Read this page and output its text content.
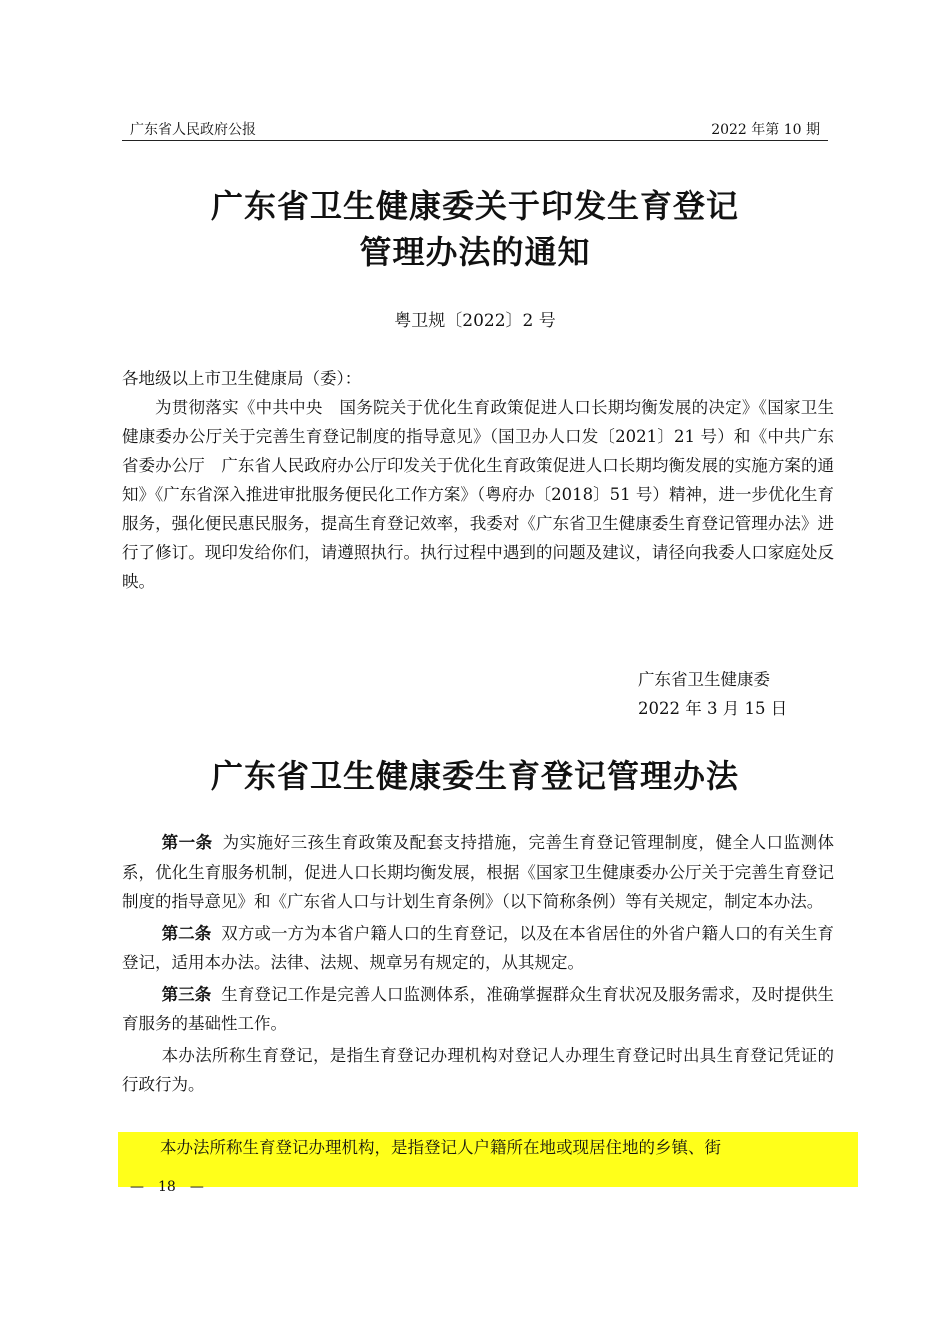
广东省人民政府公报	2022 年第 10 期
广东省卫生健康委关于印发生育登记
管理办法的通知
粤卫规〔2022〕2 号

各地级以上市卫生健康局（委）：

为贯彻落实《中共中央　国务院关于优化生育政策促进人口长期均衡发展的决定》《国家卫生健康委办公厅关于完善生育登记制度的指导意见》（国卫办人口发〔2021〕21 号）和《中共广东省委办公厅　广东省人民政府办公厅印发关于优化生育政策促进人口长期均衡发展的实施方案的通知》《广东省深入推进审批服务便民化工作方案》（粤府办〔2018〕51 号）精神，进一步优化生育服务，强化便民惠民服务，提高生育登记效率，我委对《广东省卫生健康委生育登记管理办法》进行了修订。现印发给你们，请遵照执行。执行过程中遇到的问题及建议，请径向我委人口家庭处反映。

广东省卫生健康委
2022 年 3 月 15 日
广东省卫生健康委生育登记管理办法

第一条 为实施好三孩生育政策及配套支持措施，完善生育登记管理制度，健全人口监测体系，优化生育服务机制，促进人口长期均衡发展，根据《国家卫生健康委办公厅关于完善生育登记制度的指导意见》和《广东省人口与计划生育条例》（以下简称条例）等有关规定，制定本办法。

第二条 双方或一方为本省户籍人口的生育登记，以及在本省居住的外省户籍人口的有关生育登记，适用本办法。法律、法规、规章另有规定的，从其规定。

第三条 生育登记工作是完善人口监测体系，准确掌握群众生育状况及服务需求，及时提供生育服务的基础性工作。

本办法所称生育登记，是指生育登记办理机构对登记人办理生育登记时出具生育登记凭证的行政行为。

本办法所称生育登记办理机构，是指登记人户籍所在地或现居住地的乡镇、街
—　18　—
